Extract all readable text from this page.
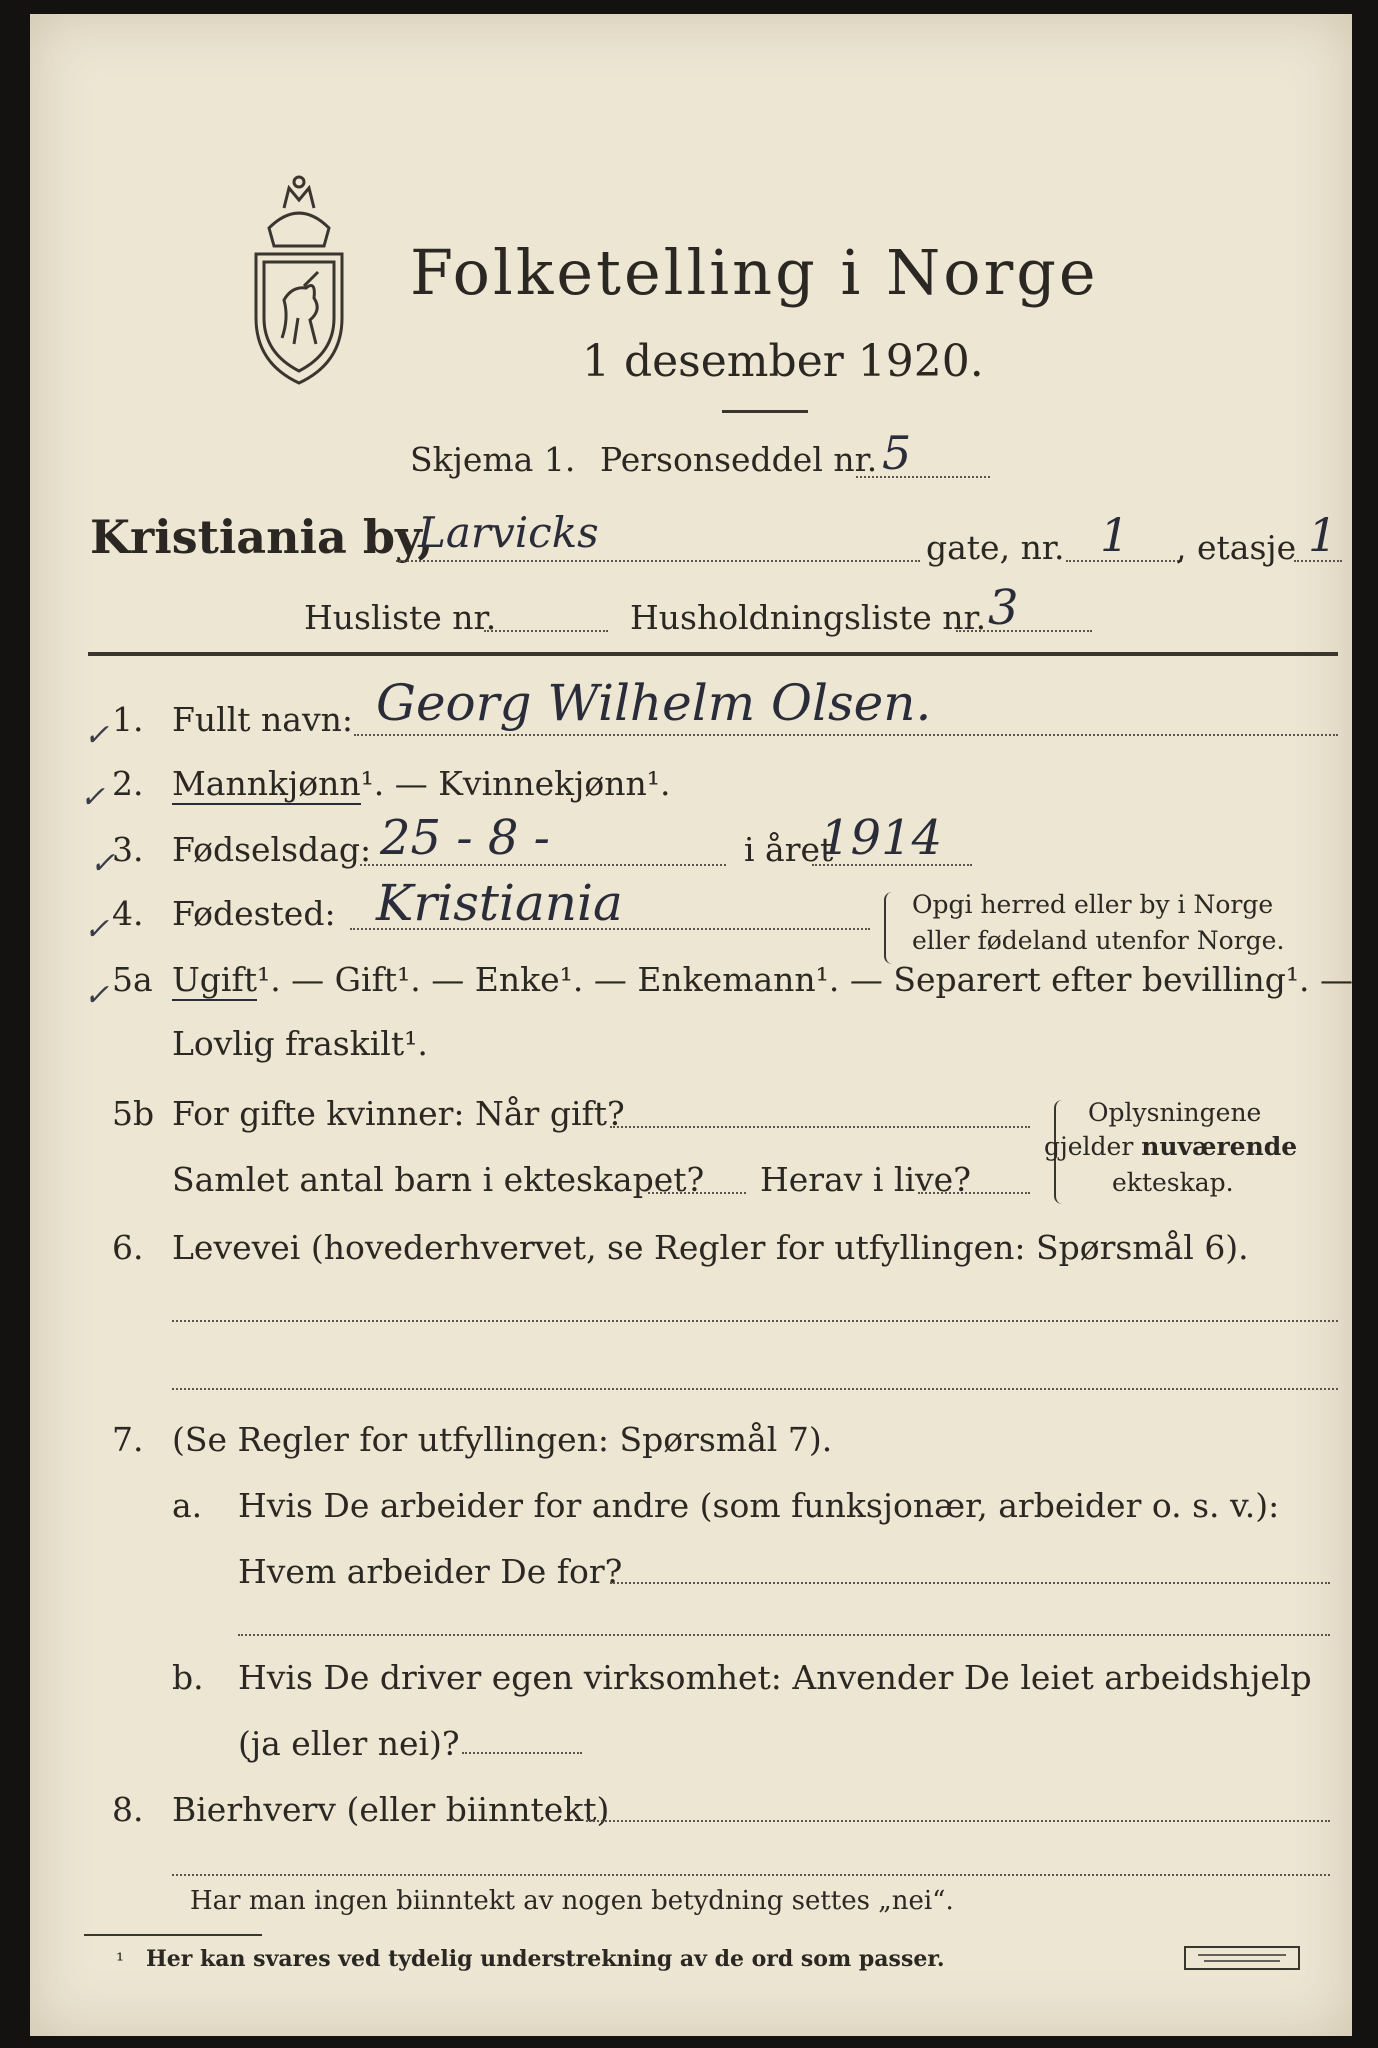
Folketelling i Norge
1 desember 1920.
Skjema 1. Personseddel nr. 5
Kristiania by,
Larvicks	gate, nr. 1 , etasje 1
Husliste nr.	Husholdningsliste nr. 3
✓ 1. Fullt navn: Georg Wilhelm Olsen.
✓ 2. Mannkjønn¹. — Kvinnekjønn¹.
✓
3. Fødselsdag: 25 - 8 -	i året
1914
✓ 4. Fødested: Kristiania	Opgi herred eller by i Norge
eller fødeland utenfor Norge.
✓ 5a Ugift¹. — Gift¹. — Enke¹. — Enkemann¹. — Separert efter bevilling¹. —
Lovlig fraskilt¹.
5b For gifte kvinner: Når gift?
Samlet antal barn i ekteskapet? Herav i live?
Oplysningene
gjelder nuværende
ekteskap.
6. Levevei (hovederhvervet, se Regler for utfyllingen: Spørsmål 6).
7. (Se Regler for utfyllingen: Spørsmål 7).
a. Hvis De arbeider for andre (som funksjonær, arbeider o. s. v.):
Hvem arbeider De for?
b. Hvis De driver egen virksomhet: Anvender De leiet arbeidshjelp
(ja eller nei)?
8. Bierhverv (eller biinntekt)
Har man ingen biinntekt av nogen betydning settes „nei“.
¹ Her kan svares ved tydelig understrekning av de ord som passer.
